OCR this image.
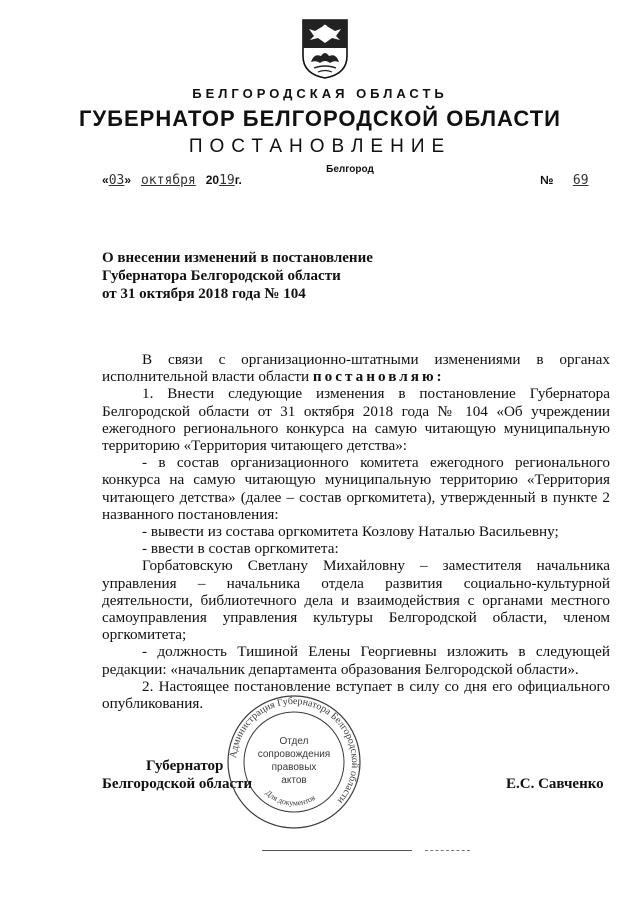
БЕЛГОРОДСКАЯ ОБЛАСТЬ
ГУБЕРНАТОР БЕЛГОРОДСКОЙ ОБЛАСТИ
ПОСТАНОВЛЕНИЕ
Белгород
«03» октября 2019г.	№ 69
О внесении изменений в постановление
Губернатора Белгородской области
от 31 октября 2018 года № 104

В связи с организационно-штатными изменениями в органах исполнительной власти области постановляю:

1. Внести следующие изменения в постановление Губернатора Белгородской области от 31 октября 2018 года № 104 «Об учреждении ежегодного регионального конкурса на самую читающую муниципальную территорию «Территория читающего детства»:

- в состав организационного комитета ежегодного регионального конкурса на самую читающую муниципальную территорию «Территория читающего детства» (далее – состав оргкомитета), утвержденный в пункте 2 названного постановления:

- вывести из состава оргкомитета Козлову Наталью Васильевну;

- ввести в состав оргкомитета:

Горбатовскую Светлану Михайловну – заместителя начальника управления – начальника отдела развития социально-культурной деятельности, библиотечного дела и взаимодействия с органами местного самоуправления управления культуры Белгородской области, членом оргкомитета;

- должность Тишиной Елены Георгиевны изложить в следующей редакции: «начальник департамента образования Белгородской области».

2. Настоящее постановление вступает в силу со дня его официального опубликования.

Губернатор
Белгородской области	Е.С. Савченко
Администрация Губернатора Белгородской области
Отдел
сопровождения
правовых
актов
Для документов
